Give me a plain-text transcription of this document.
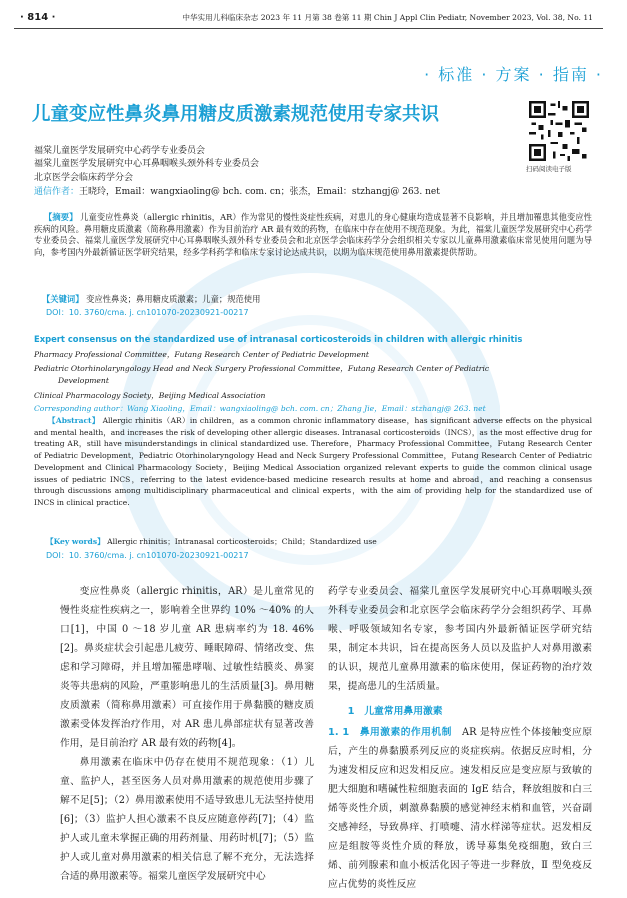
· 814 ·	中华实用儿科临床杂志 2023 年 11 月第 38 卷第 11 期 Chin J Appl Clin Pediatr, November 2023, Vol. 38, No. 11
· 标准 · 方案 · 指南 ·
儿童变应性鼻炎鼻用糖皮质激素规范使用专家共识
扫码阅读电子版
福棠儿童医学发展研究中心药学专业委员会
福棠儿童医学发展研究中心耳鼻咽喉头颈外科专业委员会
北京医学会临床药学分会
通信作者：王晓玲，Email：wangxiaoling@ bch. com. cn；张杰，Email：stzhangj@ 263. net
【摘要】 儿童变应性鼻炎（allergic rhinitis，AR）作为常见的慢性炎症性疾病，对患儿的身心健康均造成显著不良影响，并且增加罹患其他变应性疾病的风险。鼻用糖皮质激素（简称鼻用激素）作为目前治疗 AR 最有效的药物，在临床中存在使用不规范现象。为此，福棠儿童医学发展研究中心药学专业委员会、福棠儿童医学发展研究中心耳鼻咽喉头颈外科专业委员会和北京医学会临床药学分会组织相关专家以儿童鼻用激素临床常见使用问题为导向，参考国内外最新循证医学研究结果，经多学科药学和临床专家讨论达成共识，以期为临床规范使用鼻用激素提供帮助。
【关键词】 变应性鼻炎；鼻用糖皮质激素；儿童；规范使用
DOI：10. 3760/cma. j. cn101070-20230921-00217
Expert consensus on the standardized use of intranasal corticosteroids in children with allergic rhinitis
Pharmacy Professional Committee，Futang Research Center of Pediatric Development
Pediatric Otorhinolaryngology Head and Neck Surgery Professional Committee，Futang Research Center of Pediatric
Development
Clinical Pharmacology Society，Beijing Medical Association
Corresponding author：Wang Xiaoling，Email：wangxiaoling@ bch. com. cn；Zhang Jie，Email：stzhangj@ 263. net
【Abstract】 Allergic rhinitis（AR）in children，as a common chronic inflammatory disease，has significant adverse effects on the physical and mental health，and increases the risk of developing other allergic diseases. Intranasal corticosteroids（INCS），as the most effective drug for treating AR，still have misunderstandings in clinical standardized use. Therefore，Pharmacy Professional Committee，Futang Research Center of Pediatric Development，Pediatric Otorhinolaryngology Head and Neck Surgery Professional Committee，Futang Research Center of Pediatric Development and Clinical Pharmacology Society，Beijing Medical Association organized relevant experts to guide the common clinical usage issues of pediatric INCS，referring to the latest evidence-based medicine research results at home and abroad，and reaching a consensus through discussions among multidisciplinary pharmaceutical and clinical experts，with the aim of providing help for the standardized use of INCS in clinical practice.
【Key words】 Allergic rhinitis；Intranasal corticosteroids；Child；Standardized use
DOI：10. 3760/cma. j. cn101070-20230921-00217

变应性鼻炎（allergic rhinitis，AR）是儿童常见的慢性炎症性疾病之一，影响着全世界约 10% ～40% 的人口[1]，中国 0 ～18 岁儿童 AR 患病率约为 18. 46%[2]。鼻炎症状会引起患儿疲劳、睡眠障碍、情绪改变、焦虑和学习障碍，并且增加罹患哮喘、过敏性结膜炎、鼻窦炎等共患病的风险，严重影响患儿的生活质量[3]。鼻用糖皮质激素（简称鼻用激素）可直接作用于鼻黏膜的糖皮质激素受体发挥治疗作用，对 AR 患儿鼻部症状有显著改善作用，是目前治疗 AR 最有效的药物[4]。

鼻用激素在临床中仍存在使用不规范现象：（1）儿童、监护人，甚至医务人员对鼻用激素的规范使用步骤了解不足[5]；（2）鼻用激素使用不适导致患儿无法坚持使用[6]；（3）监护人担心激素不良反应随意停药[7]；（4）监护人或儿童未掌握正确的用药剂量、用药时机[7]；（5）监护人或儿童对鼻用激素的相关信息了解不充分，无法选择合适的鼻用激素等。福棠儿童医学发展研究中心

药学专业委员会、福棠儿童医学发展研究中心耳鼻咽喉头颈外科专业委员会和北京医学会临床药学分会组织药学、耳鼻喉、呼吸领域知名专家，参考国内外最新循证医学研究结果，制定本共识，旨在提高医务人员以及监护人对鼻用激素的认识，规范儿童鼻用激素的临床使用，保证药物的治疗效果，提高患儿的生活质量。

1　儿童常用鼻用激素

1. 1　鼻用激素的作用机制　 AR 是特应性个体接触变应原后，产生的鼻黏膜系列反应的炎症疾病。依据反应时相，分为速发相反应和迟发相反应。速发相反应是变应原与致敏的肥大细胞和嗜碱性粒细胞表面的 IgE 结合，释放组胺和白三烯等炎性介质，刺激鼻黏膜的感觉神经末梢和血管，兴奋副交感神经，导致鼻痒、打喷嚏、清水样涕等症状。迟发相反应是组胺等炎性介质的释放，诱导募集免疫细胞，致白三烯、前列腺素和血小板活化因子等进一步释放，Ⅱ 型免疫反应占优势的炎性反应
